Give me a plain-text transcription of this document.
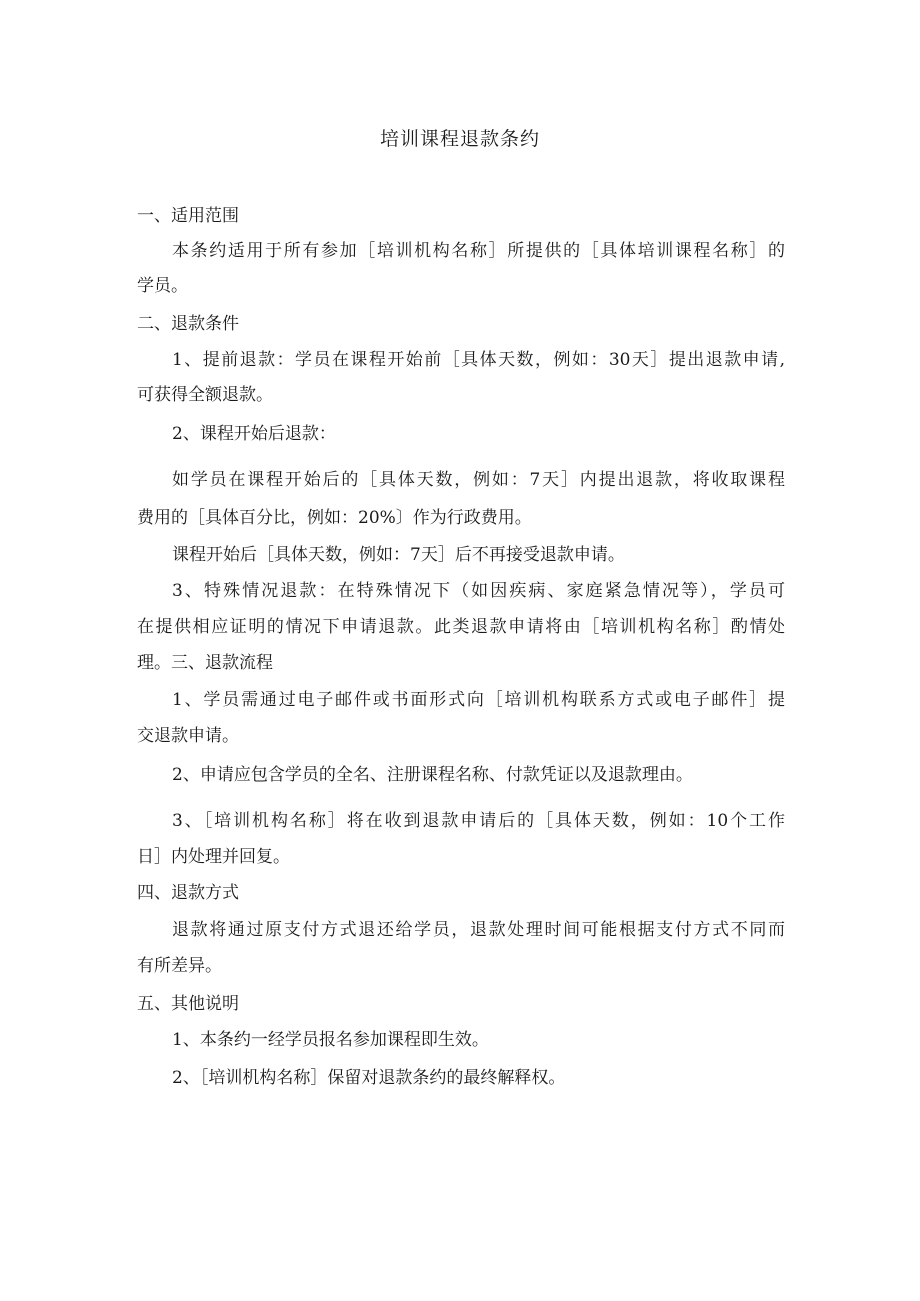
培训课程退款条约
一、适用范围
本条约适用于所有参加［培训机构名称］所提供的［具体培训课程名称］的
学员。
二、退款条件
1、提前退款：学员在课程开始前［具体天数，例如：30天］提出退款申请,
可获得全额退款。
2、课程开始后退款：
如学员在课程开始后的［具体天数，例如：7天］内提出退款，将收取课程
费用的［具体百分比，例如：20%〕作为行政费用。
课程开始后［具体天数，例如：7天］后不再接受退款申请。
3、特殊情况退款：在特殊情况下（如因疾病、家庭紧急情况等），学员可
在提供相应证明的情况下申请退款。此类退款申请将由［培训机构名称］酌情处
理。三、退款流程
1、学员需通过电子邮件或书面形式向［培训机构联系方式或电子邮件］提
交退款申请。
2、申请应包含学员的全名、注册课程名称、付款凭证以及退款理由。
3、［培训机构名称］将在收到退款申请后的［具体天数，例如：10个工作
日］内处理并回复。
四、退款方式
退款将通过原支付方式退还给学员，退款处理时间可能根据支付方式不同而
有所差异。
五、其他说明
1、本条约一经学员报名参加课程即生效。
2、［培训机构名称］保留对退款条约的最终解释权。
